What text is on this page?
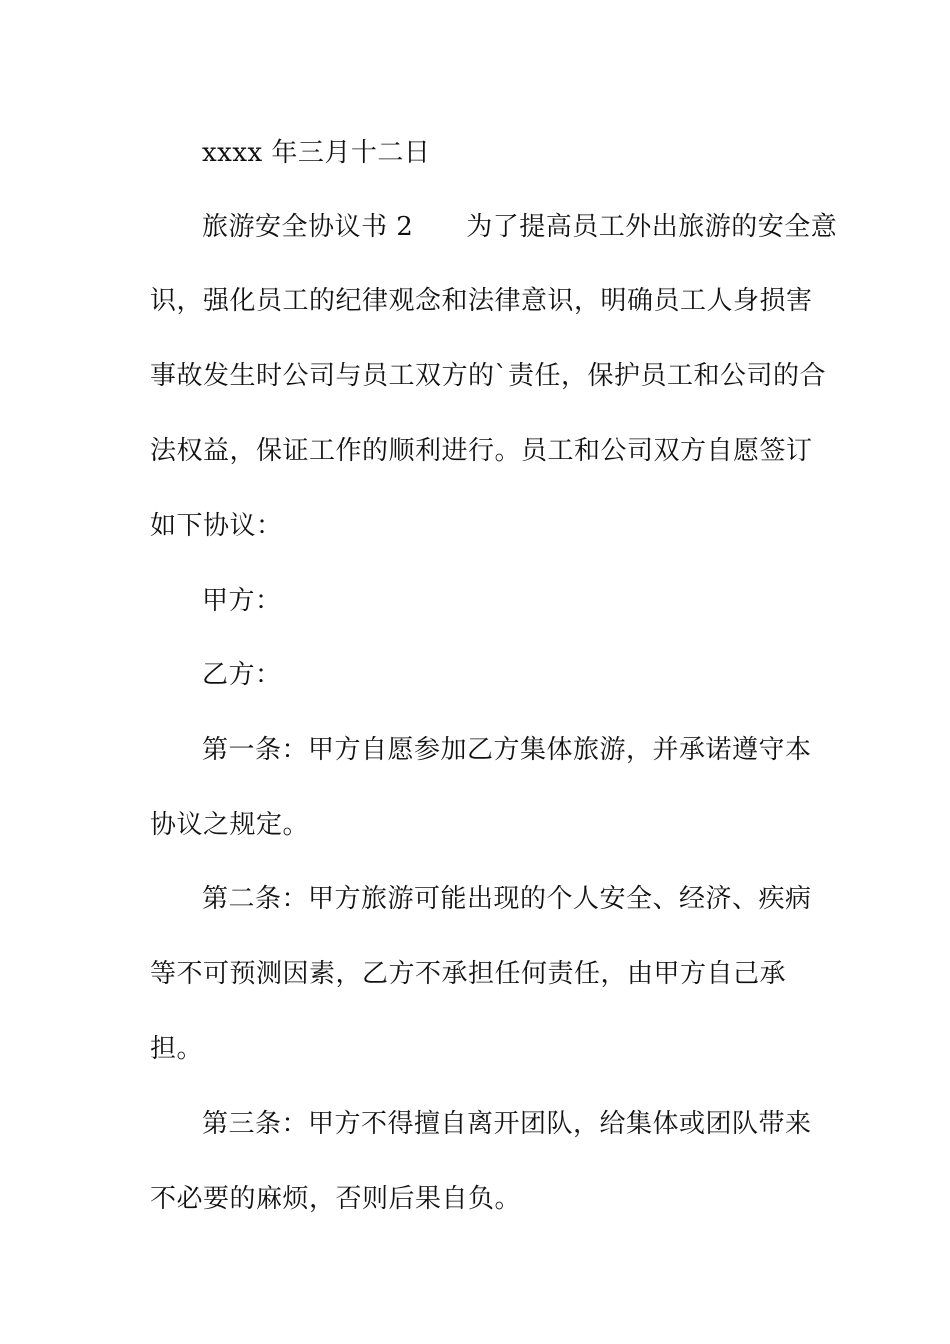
xxxx 年三月十二日
旅游安全协议书 2　　为了提高员工外出旅游的安全意
识，强化员工的纪律观念和法律意识，明确员工人身损害
事故发生时公司与员工双方的`责任，保护员工和公司的合
法权益，保证工作的顺利进行。员工和公司双方自愿签订
如下协议：
甲方：
乙方：
第一条：甲方自愿参加乙方集体旅游，并承诺遵守本
协议之规定。
第二条：甲方旅游可能出现的个人安全、经济、疾病
等不可预测因素，乙方不承担任何责任，由甲方自己承
担。
第三条：甲方不得擅自离开团队，给集体或团队带来
不必要的麻烦，否则后果自负。
